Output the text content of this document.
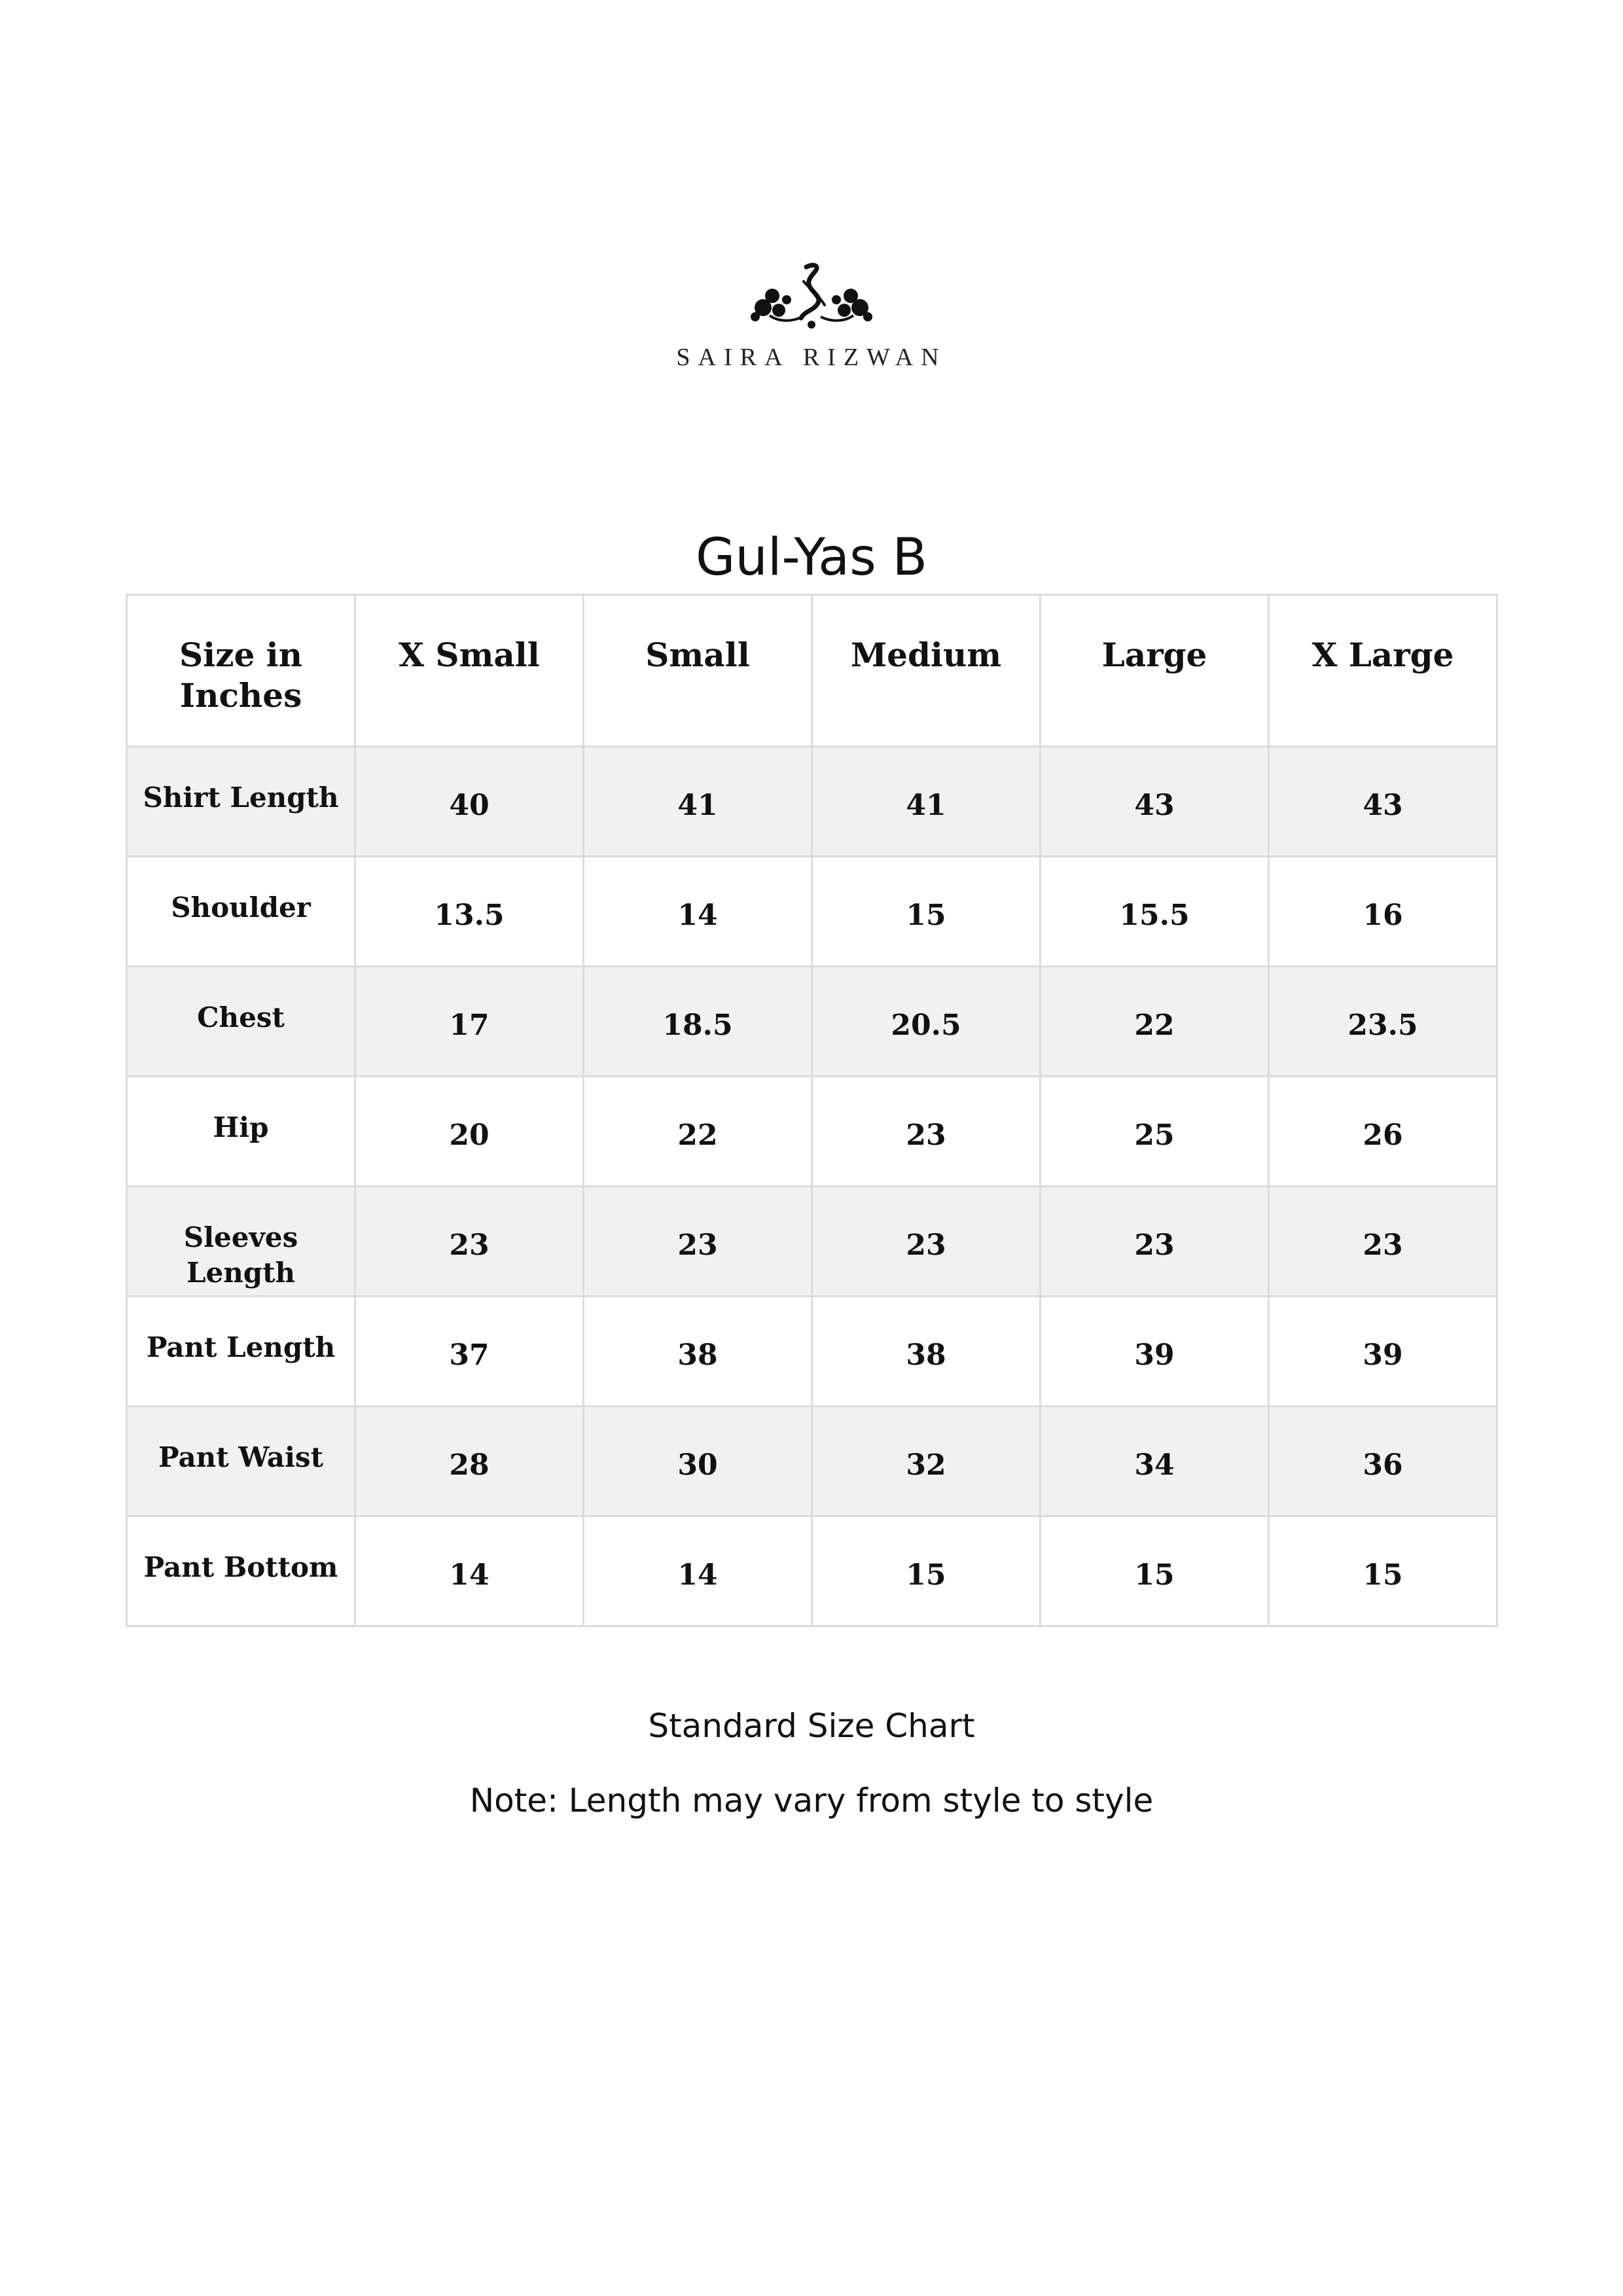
SAIRA RIZWAN
Gul-Yas B
Size in Inches	X Small	Small	Medium	Large	X Large
Shirt Length	40	41	41	43	43
Shoulder	13.5	14	15	15.5	16
Chest	17	18.5	20.5	22	23.5
Hip	20	22	23	25	26
Sleeves Length	23	23	23	23	23
Pant Length	37	38	38	39	39
Pant Waist	28	30	32	34	36
Pant Bottom	14	14	15	15	15
Standard Size Chart
Note: Length may vary from style to style
